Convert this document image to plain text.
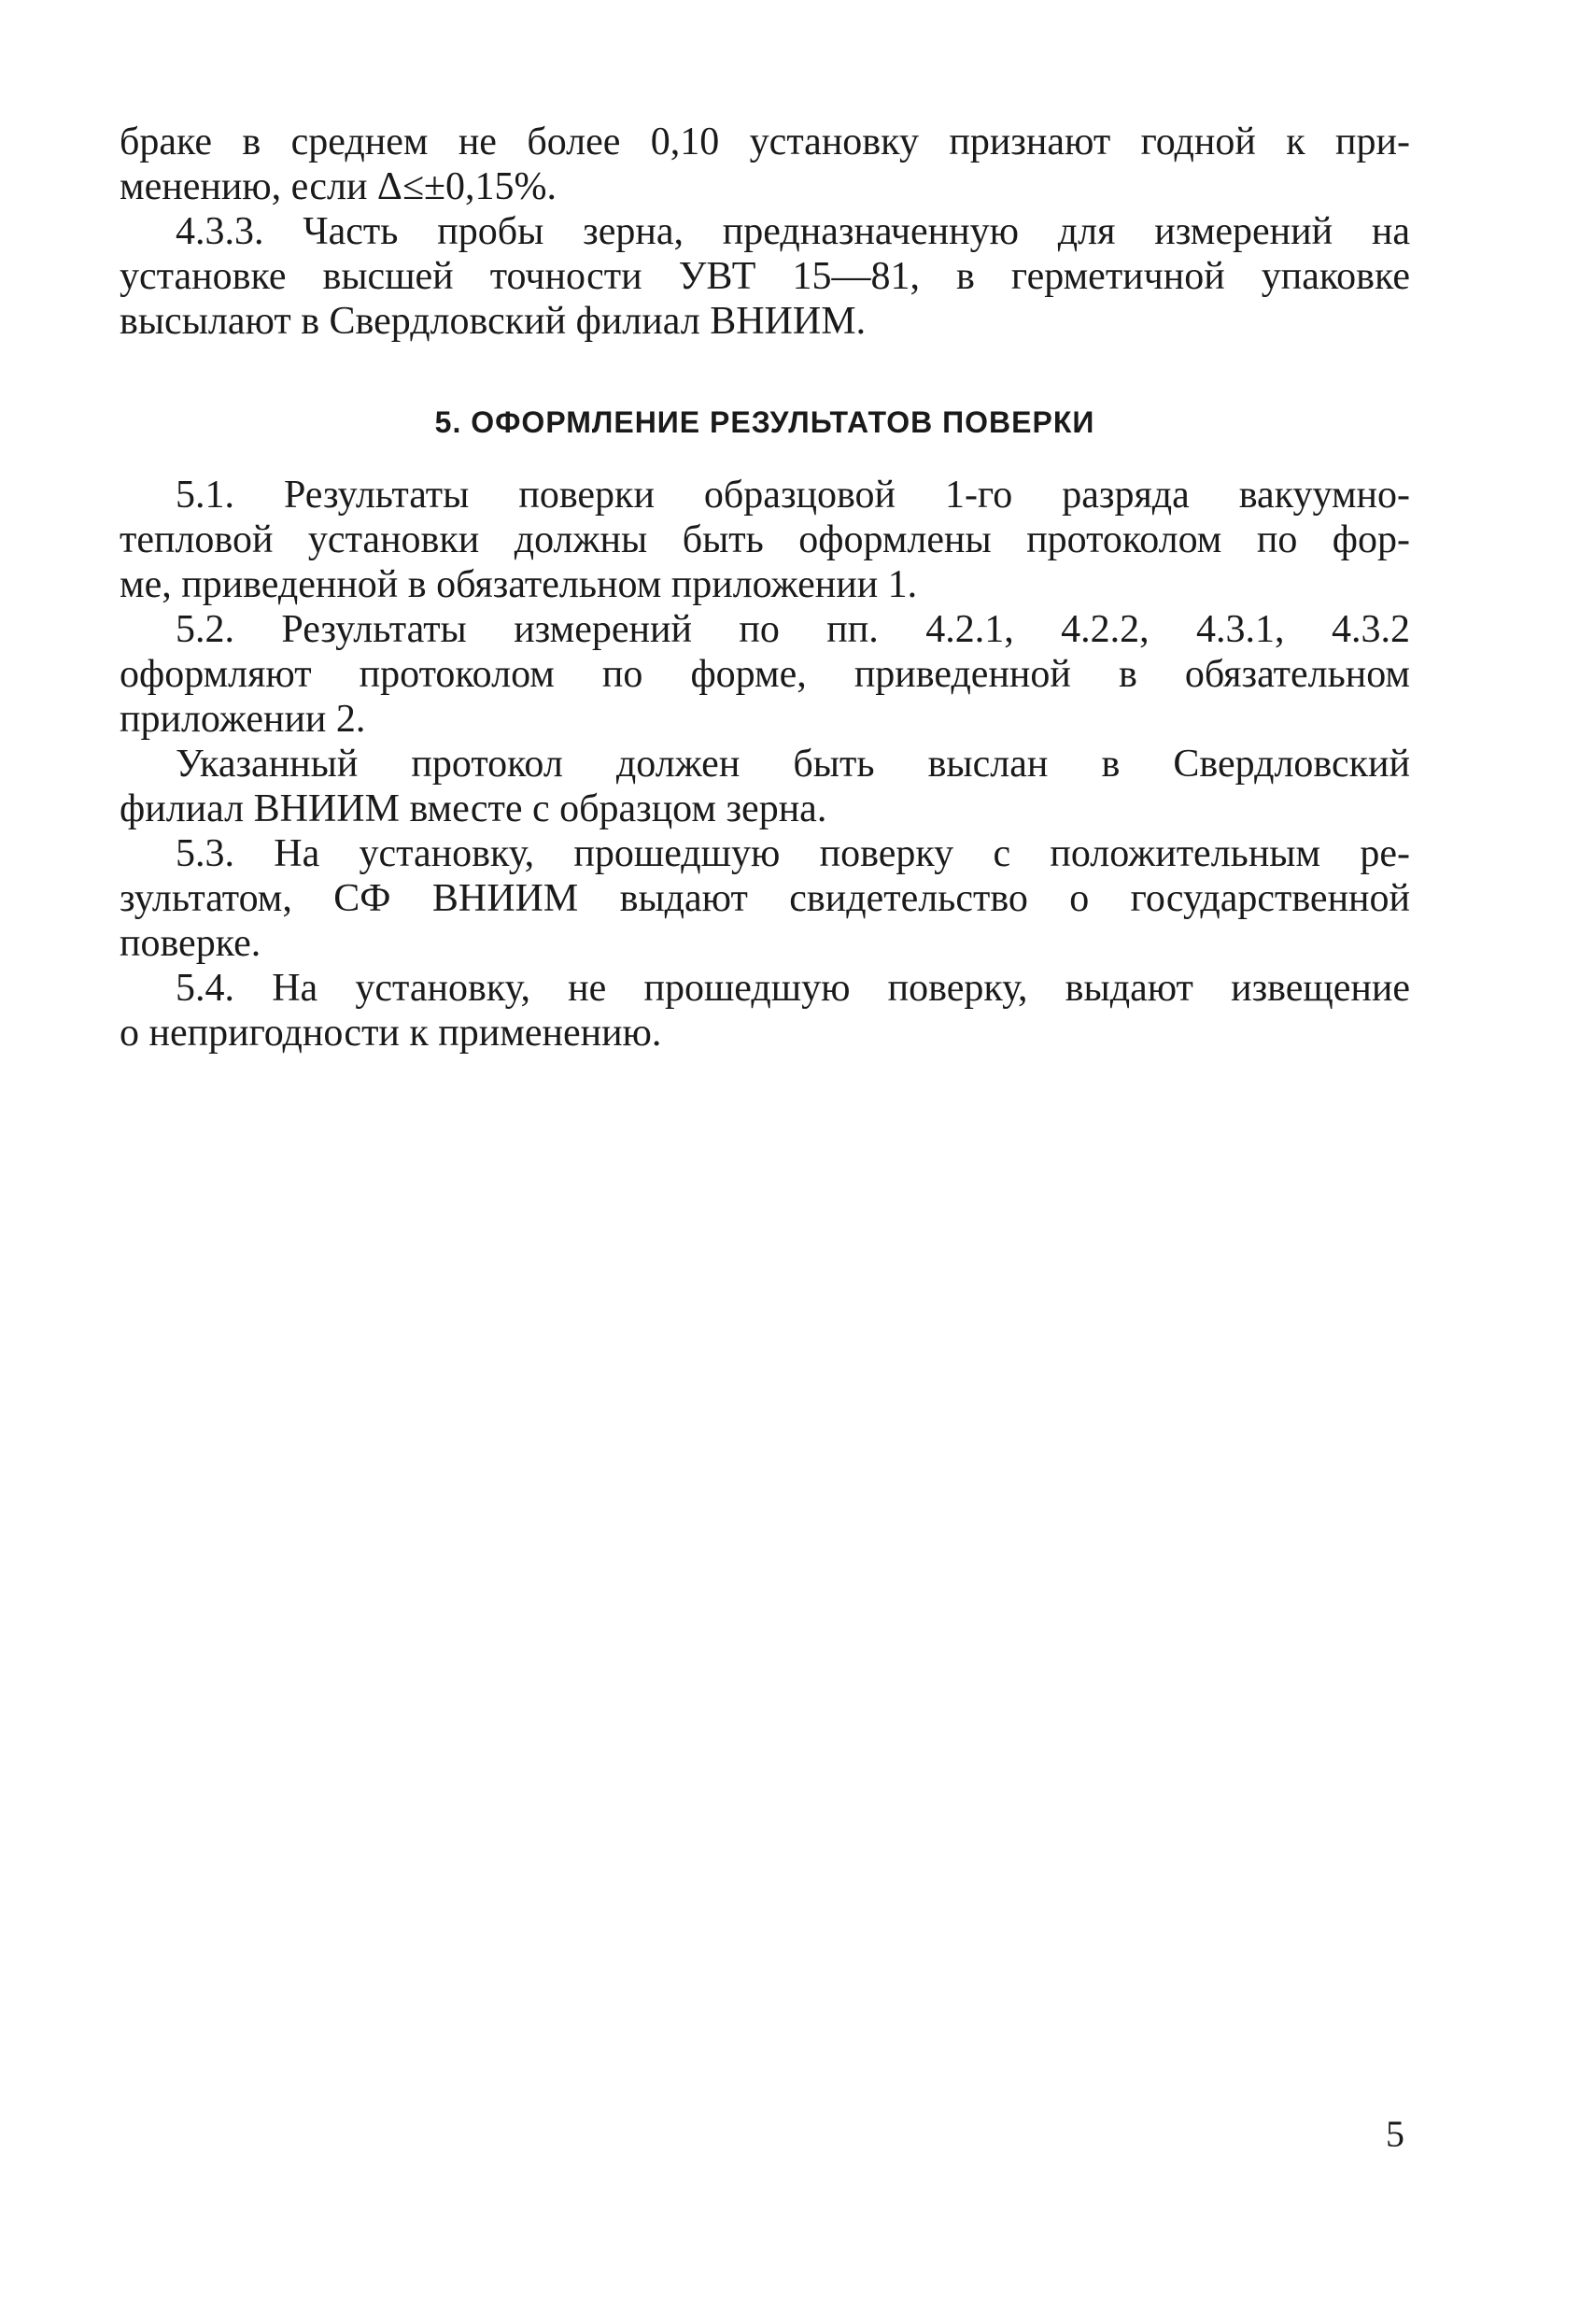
браке в среднем не более 0,10 установку признают годной к при-
менению, если Δ≤±0,15%.
4.3.3. Часть пробы зерна, предназначенную для измерений на
установке высшей точности УВТ 15—81, в герметичной упаковке
высылают в Свердловский филиал ВНИИМ.
5. ОФОРМЛЕНИЕ РЕЗУЛЬТАТОВ ПОВЕРКИ
5.1. Результаты поверки образцовой 1-го разряда вакуумно-
тепловой установки должны быть оформлены протоколом по фор-
ме, приведенной в обязательном приложении 1.
5.2. Результаты измерений по пп. 4.2.1, 4.2.2, 4.3.1, 4.3.2
оформляют протоколом по форме, приведенной в обязательном
приложении 2.
Указанный протокол должен быть выслан в Свердловский
филиал ВНИИМ вместе с образцом зерна.
5.3. На установку, прошедшую поверку с положительным ре-
зультатом, СФ ВНИИМ выдают свидетельство о государственной
поверке.
5.4. На установку, не прошедшую поверку, выдают извещение
о непригодности к применению.
5
